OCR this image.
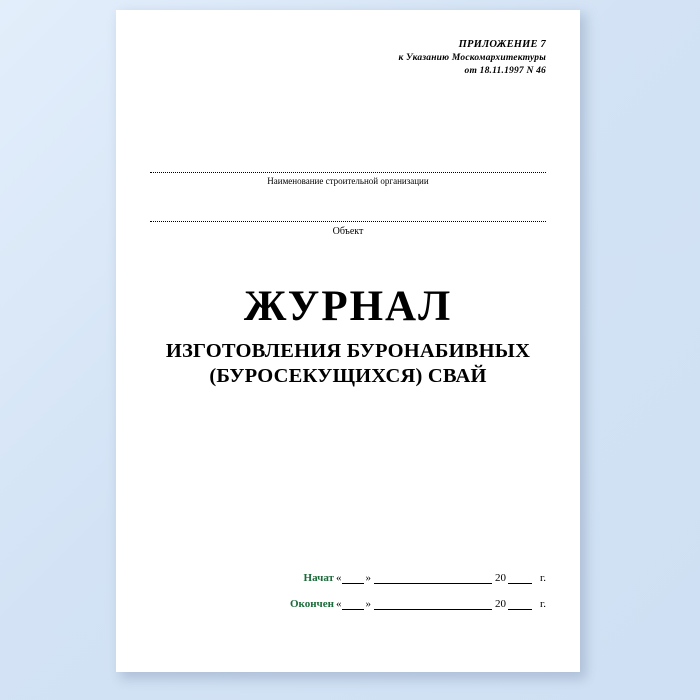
ПРИЛОЖЕНИЕ 7
к Указанию Москомархитектуры
от 18.11.1997 N 46
Наименование строительной организации
Объект
ЖУРНАЛ
ИЗГОТОВЛЕНИЯ БУРОНАБИВНЫХ
(БУРОСЕКУЩИХСЯ) СВАЙ
Начат « »	20	г.
Окончен « »	20	г.
